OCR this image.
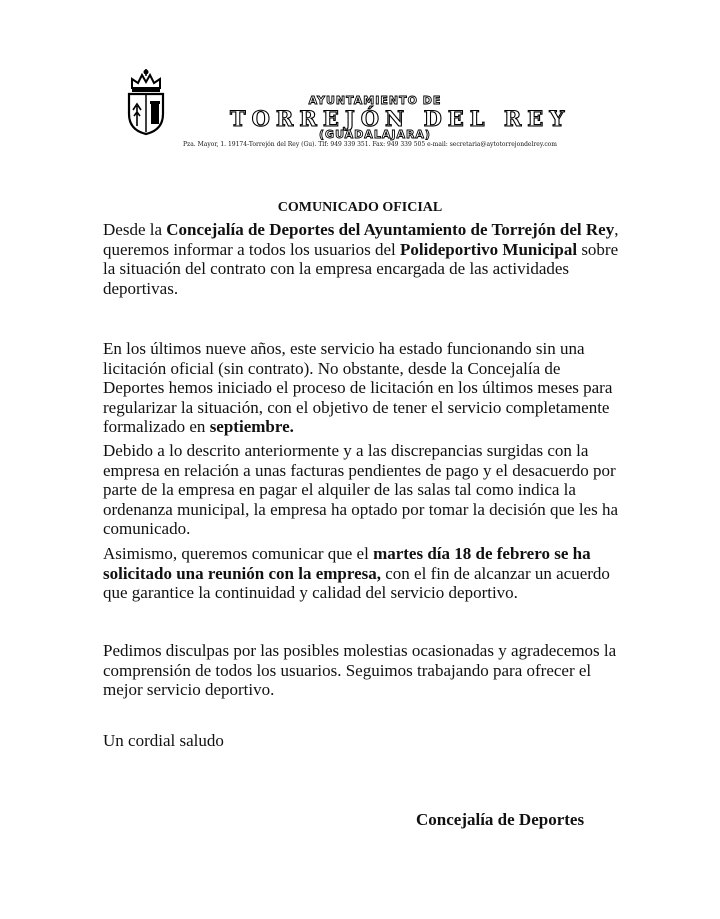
AYUNTAMIENTO DE
TORREJÓN DEL REY
(GUADALAJARA)
Pza. Mayor, 1. 19174-Torrejón del Rey (Gu). Tlf: 949 339 351. Fax: 949 339 505 e-mail: secretaria@aytotorrejondelrey.com
COMUNICADO OFICIAL
Desde la Concejalía de Deportes del Ayuntamiento de Torrejón del Rey, queremos informar a todos los usuarios del Polideportivo Municipal sobre la situación del contrato con la empresa encargada de las actividades deportivas.
En los últimos nueve años, este servicio ha estado funcionando sin una licitación oficial (sin contrato). No obstante, desde la Concejalía de Deportes hemos iniciado el proceso de licitación en los últimos meses para regularizar la situación, con el objetivo de tener el servicio completamente formalizado en septiembre.
Debido a lo descrito anteriormente y a las discrepancias surgidas con la empresa en relación a unas facturas pendientes de pago y el desacuerdo por parte de la empresa en pagar el alquiler de las salas tal como indica la ordenanza municipal, la empresa ha optado por tomar la decisión que les ha comunicado.
Asimismo, queremos comunicar que el martes día 18 de febrero se ha solicitado una reunión con la empresa, con el fin de alcanzar un acuerdo que garantice la continuidad y calidad del servicio deportivo.
Pedimos disculpas por las posibles molestias ocasionadas y agradecemos la comprensión de todos los usuarios. Seguimos trabajando para ofrecer el mejor servicio deportivo.
Un cordial saludo
Concejalía de Deportes
